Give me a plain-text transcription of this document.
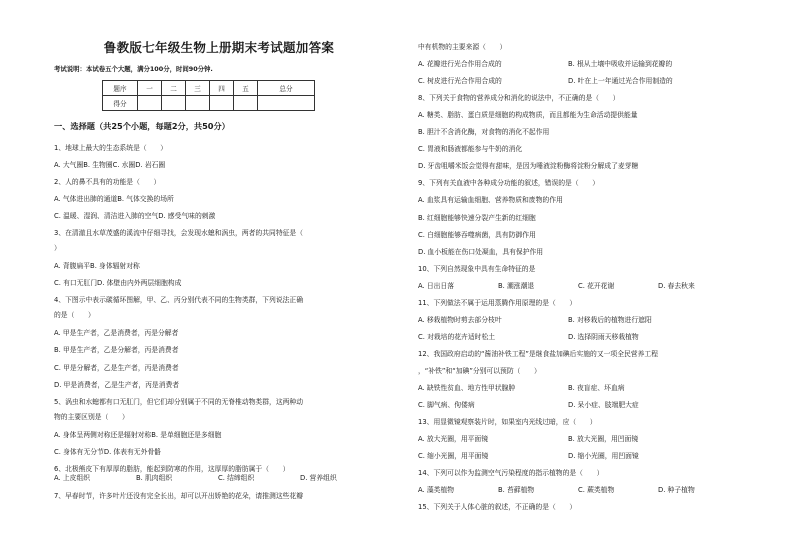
鲁教版七年级生物上册期末考试题加答案
考试说明：本试卷五个大题，满分100分，时间90分钟.
题序	一	二	三	四	五	总分
得分						
一、选择题（共25个小题，每题2分，共50分）
1、地球上最大的生态系统是（　　）
A. 大气圈B. 生物圈C. 水圈D. 岩石圈
2、人的鼻不具有的功能是（　　）
A. 气体进出肺的通道B. 气体交换的场所
C. 温暖、湿润、清洁进入肺的空气D. 感受气味的刺激
3、在清澈且水草茂盛的溪流中仔细寻找，会发现水螅和涡虫，两者的共同特征是（
）
A. 背腹扁平B. 身体辐射对称
C. 有口无肛门D. 体壁由内外两层细胞构成
4、下图示中表示碳循环图解，甲、乙、丙分别代表不同的生物类群，下列说法正确
的是（　　）
A. 甲是生产者，乙是消费者，丙是分解者
B. 甲是生产者，乙是分解者，丙是消费者
C. 甲是分解者，乙是生产者，丙是消费者
D. 甲是消费者，乙是生产者，丙是消费者
5、涡虫和水螅都有口无肛门，但它们却分别属于不同的无脊椎动物类群，这两种动
物的主要区别是（　　）
A. 身体呈两侧对称还是辐射对称B. 是单细胞还是多细胞
C. 身体有无分节D. 体表有无外骨骼
6、北极熊皮下有厚厚的脂肪，能起到防寒的作用，这厚厚的脂肪属于（　　）
A. 上皮组织	B. 肌肉组织	C. 结缔组织	D. 营养组织
7、早春时节，许多叶片还没有完全长出，却可以开出娇艳的花朵，请推测这些花瓣
中有机物的主要来源（　　）
A. 花瓣进行光合作用合成的	B. 根从土壤中吸收并运输到花瓣的
C. 树皮进行光合作用合成的	D. 叶在上一年通过光合作用制造的
8、下列关于食物的营养成分和消化的说法中，不正确的是（　　）
A. 糖类、脂肪、蛋白质是细胞的构成物质，而且都能为生命活动提供能量
B. 胆汁不含消化酶，对食物的消化不起作用
C. 胃液和肠液都能参与牛奶的消化
D. 牙齿咀嚼米饭会觉得有甜味，是因为唾液淀粉酶将淀粉分解成了麦芽糖
9、下列有关血液中各种成分功能的叙述，错误的是（　　）
A. 血浆具有运输血细胞、营养物质和废物的作用
B. 红细胞能够快速分裂产生新的红细胞
C. 白细胞能够吞噬病菌，具有防御作用
D. 血小板能在伤口处凝血，具有保护作用
10、下列自然现象中具有生命特征的是
A. 日出日落	B. 潮涨潮退	C. 花开花谢	D. 春去秋来
11、下列做法不属于运用蒸腾作用原理的是（　　）
A. 移栽植物时剪去部分枝叶	B. 对移栽后的植物进行遮阳
C. 对栽培的花卉适时松土	D. 选择阴雨天移栽植物
12、我国政府启动的“酱油补铁工程”是继食盐加碘后实施的又一项全民营养工程
，“补铁”和“加碘”分别可以预防（　　）
A. 缺铁性贫血、地方性甲状腺肿	B. 夜盲症、坏血病
C. 脚气病、佝偻病	D. 呆小症、肢端肥大症
13、用显微镜观察装片时，如果室内光线过暗，应（　　）
A. 放大光圈，用平面镜	B. 放大光圈，用凹面镜
C. 缩小光圈，用平面镜	D. 缩小光圈，用凹面镜
14、下列可以作为监测空气污染程度的指示植物的是（　　）
A. 藻类植物	B. 苔藓植物	C. 蕨类植物	D. 种子植物
15、下列关于人体心脏的叙述，不正确的是（　　）
